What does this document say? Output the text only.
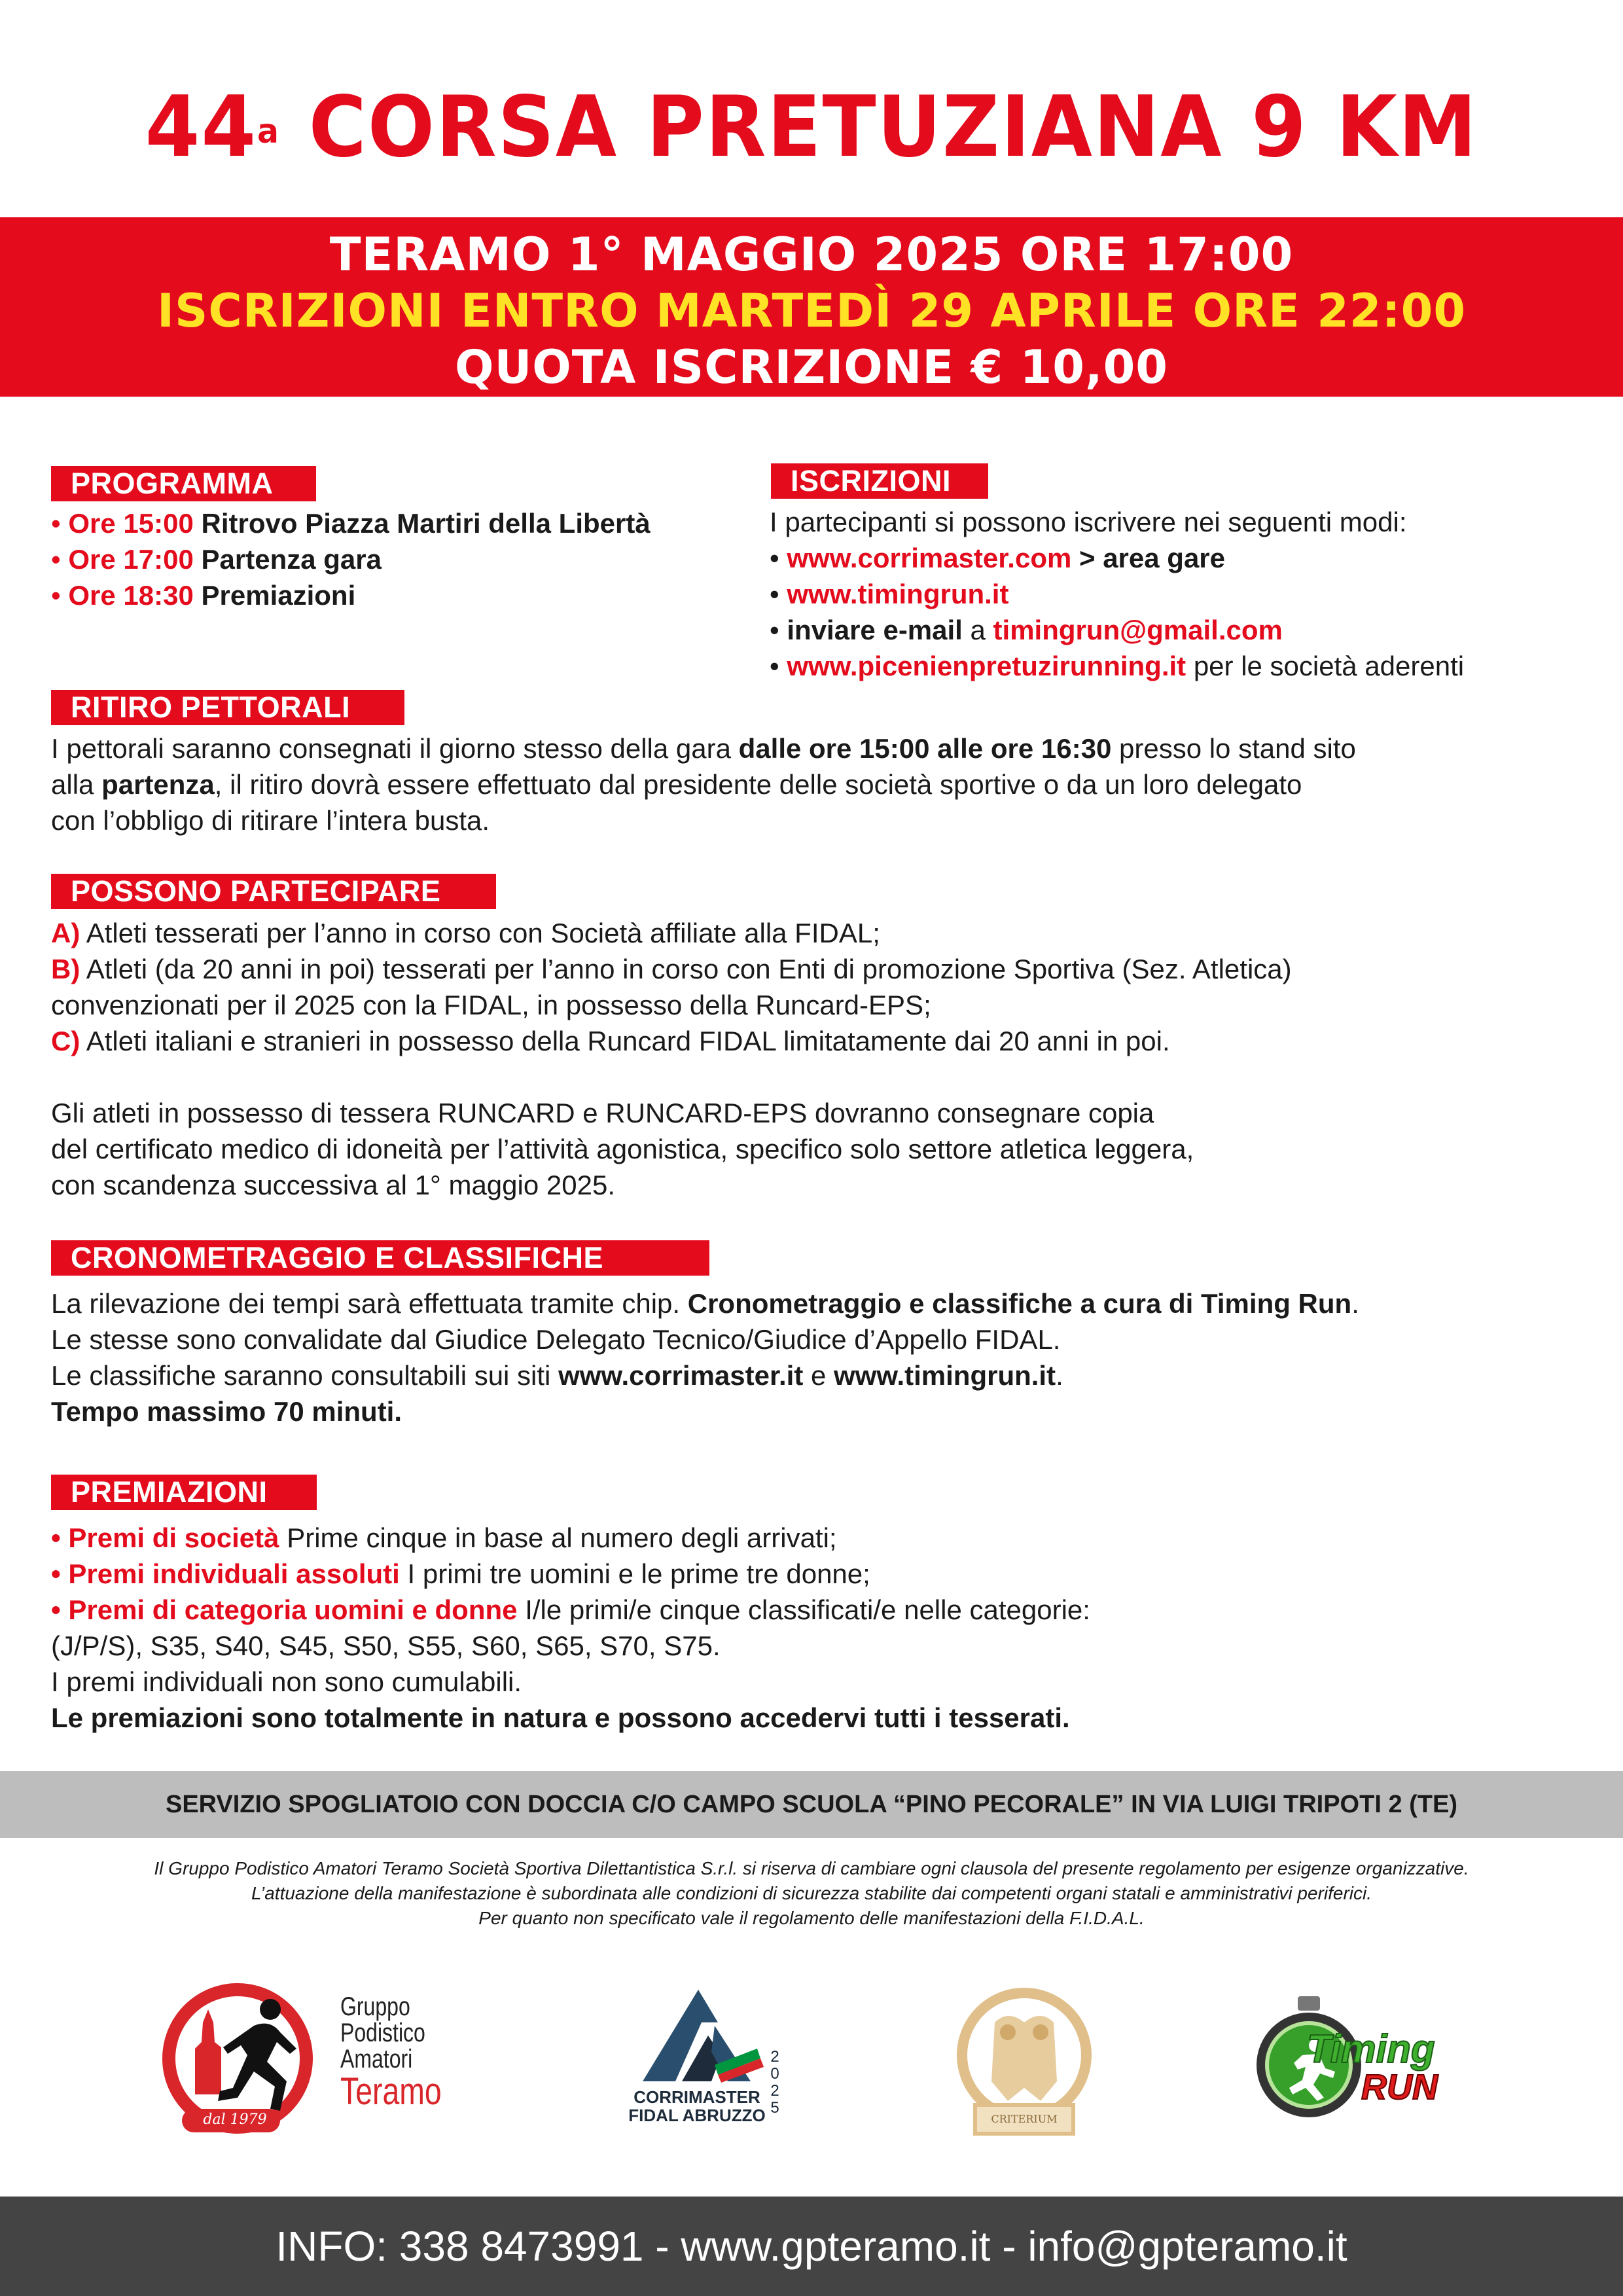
44$^a$ CORSA PRETUZIANA 9 KM
TERAMO 1° MAGGIO 2025 ORE 17:00
ISCRIZIONI ENTRO MARTEDÌ 29 APRILE ORE 22:00
QUOTA ISCRIZIONE € 10,00
PROGRAMMA

• Ore 15:00 Ritrovo Piazza Martiri della Libertà

• Ore 17:00 Partenza gara

• Ore 18:30 Premiazioni

ISCRIZIONI

I partecipanti si possono iscrivere nei seguenti modi:

• www.corrimaster.com > area gare

• www.timingrun.it

• inviare e-mail a timingrun@gmail.com

• www.picenienpretuzirunning.it per le società aderenti

RITIRO PETTORALI

I pettorali saranno consegnati il giorno stesso della gara dalle ore 15:00 alle ore 16:30 presso lo stand sito

alla partenza, il ritiro dovrà essere effettuato dal presidente delle società sportive o da un loro delegato

con l’obbligo di ritirare l’intera busta.

POSSONO PARTECIPARE

A) Atleti tesserati per l’anno in corso con Società affiliate alla FIDAL;

B) Atleti (da 20 anni in poi) tesserati per l’anno in corso con Enti di promozione Sportiva (Sez. Atletica)

convenzionati per il 2025 con la FIDAL, in possesso della Runcard-EPS;

C) Atleti italiani e stranieri in possesso della Runcard FIDAL limitatamente dai 20 anni in poi.

Gli atleti in possesso di tessera RUNCARD e RUNCARD-EPS dovranno consegnare copia

del certificato medico di idoneità per l’attività agonistica, specifico solo settore atletica leggera,

con scandenza successiva al 1° maggio 2025.

CRONOMETRAGGIO E CLASSIFICHE

La rilevazione dei tempi sarà effettuata tramite chip. Cronometraggio e classifiche a cura di Timing Run.

Le stesse sono convalidate dal Giudice Delegato Tecnico/Giudice d’Appello FIDAL.

Le classifiche saranno consultabili sui siti www.corrimaster.it e www.timingrun.it.

Tempo massimo 70 minuti.

PREMIAZIONI

• Premi di società Prime cinque in base al numero degli arrivati;

• Premi individuali assoluti I primi tre uomini e le prime tre donne;

• Premi di categoria uomini e donne I/le primi/e cinque classificati/e nelle categorie:

(J/P/S), S35, S40, S45, S50, S55, S60, S65, S70, S75.

I premi individuali non sono cumulabili.

Le premiazioni sono totalmente in natura e possono accedervi tutti i tesserati.

SERVIZIO SPOGLIATOIO CON DOCCIA C/O CAMPO SCUOLA “PINO PECORALE” IN VIA LUIGI TRIPOTI 2 (TE)

Il Gruppo Podistico Amatori Teramo Società Sportiva Dilettantistica S.r.l. si riserva di cambiare ogni clausola del presente regolamento per esigenze organizzative.

L’attuazione della manifestazione è subordinata alle condizioni di sicurezza stabilite dai competenti organi statali e amministrativi periferici.

Per quanto non specificato vale il regolamento delle manifestazioni della F.I.D.A.L.

dal 1979
Gruppo
Podistico
Amatori
Teramo	CORRIMASTER
FIDAL ABRUZZO
2025
CRITERIUM
Timing
RUN
INFO: 338 8473991 - www.gpteramo.it - info@gpteramo.it
